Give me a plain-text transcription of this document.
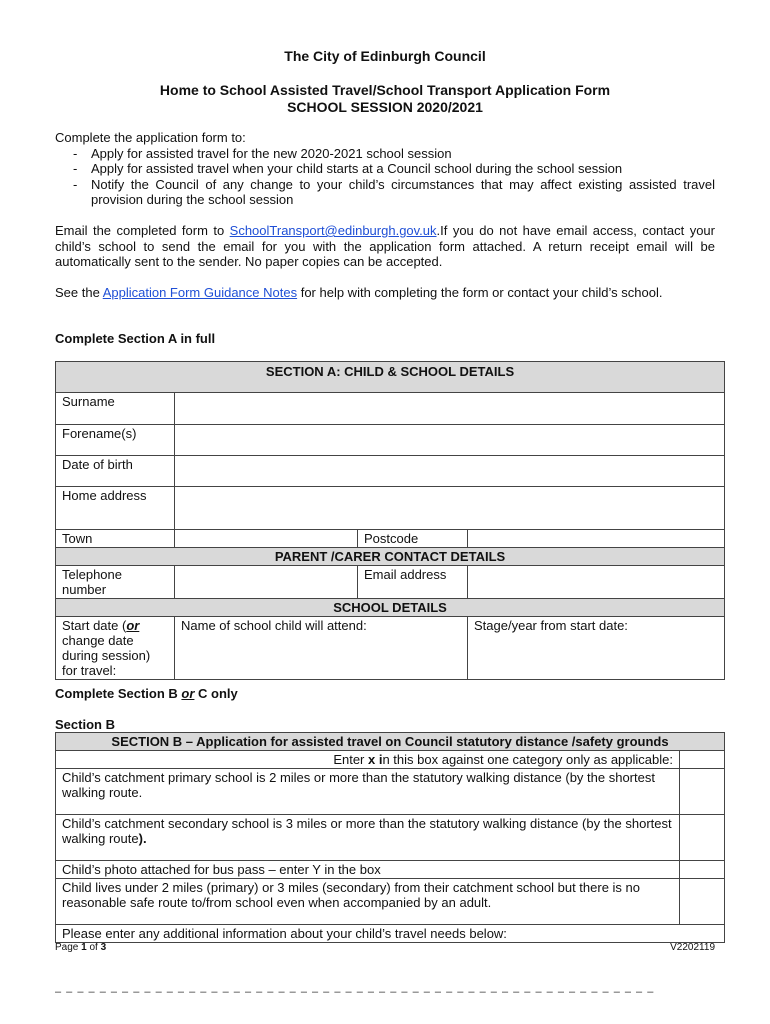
The City of Edinburgh Council
Home to School Assisted Travel/School Transport Application Form
SCHOOL SESSION 2020/2021
Complete the application form to:
- Apply for assisted travel for the new 2020-2021 school session
- Apply for assisted travel when your child starts at a Council school during the school session
- Notify the Council of any change to your child’s circumstances that may affect existing assisted travel provision during the school session
Email the completed form to SchoolTransport@edinburgh.gov.uk.If you do not have email access, contact your child’s school to send the email for you with the application form attached. A return receipt email will be automatically sent to the sender. No paper copies can be accepted.
See the Application Form Guidance Notes for help with completing the form or contact your child’s school.
Complete Section A in full
SECTION A: CHILD & SCHOOL DETAILS			
Surname			
Forename(s)			
Date of birth			
Home address			
Town		Postcode	
PARENT /CARER CONTACT DETAILS			
Telephone number		Email address	
SCHOOL DETAILS			
Start date (or change date during session) for travel:	Name of school child will attend:		Stage/year from start date:
Complete Section B or C only
Section B
SECTION B – Application for assisted travel on Council statutory distance /safety grounds	
Enter x in this box against one category only as applicable:	
Child’s catchment primary school is 2 miles or more than the statutory walking distance (by the shortest walking route.	
Child’s catchment secondary school is 3 miles or more than the statutory walking distance (by the shortest walking route).	
Child’s photo attached for bus pass – enter Y in the box	
Child lives under 2 miles (primary) or 3 miles (secondary) from their catchment school but there is no reasonable safe route to/from school even when accompanied by an adult.	
Please enter any additional information about your child’s travel needs below:	
Page 1 of 3	V2202119
– – – – – – – – – – – – – – – – – – – – – – – – – – – – – – – – – – – – – – – – – – – – – – – – – – – – – –
